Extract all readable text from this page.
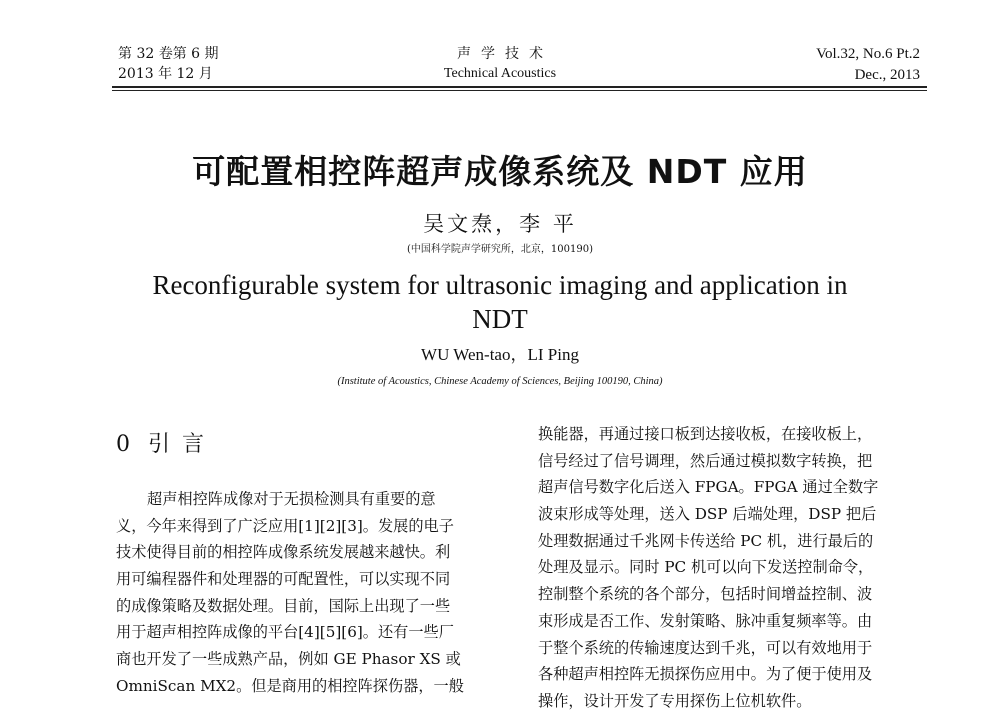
第 32 卷第 6 期
2013 年 12 月
声学技术
Technical Acoustics
Vol.32, No.6 Pt.2
Dec., 2013
可配置相控阵超声成像系统及 NDT 应用
吴文焘，李 平
(中国科学院声学研究所，北京，100190)
Reconfigurable system for ultrasonic imaging and application in NDT
WU Wen-tao，LI Ping
(Institute of Acoustics, Chinese Academy of Sciences, Beijing 100190, China)
0 引言
超声相控阵成像对于无损检测具有重要的意
义，今年来得到了广泛应用[1][2][3]。发展的电子
技术使得目前的相控阵成像系统发展越来越快。利
用可编程器件和处理器的可配置性，可以实现不同
的成像策略及数据处理。目前，国际上出现了一些
用于超声相控阵成像的平台[4][5][6]。还有一些厂
商也开发了一些成熟产品，例如 GE Phasor XS 或
OmniScan MX2。但是商用的相控阵探伤器，一般
换能器，再通过接口板到达接收板，在接收板上，
信号经过了信号调理，然后通过模拟数字转换，把
超声信号数字化后送入 FPGA。FPGA 通过全数字
波束形成等处理，送入 DSP 后端处理，DSP 把后
处理数据通过千兆网卡传送给 PC 机，进行最后的
处理及显示。同时 PC 机可以向下发送控制命令，
控制整个系统的各个部分，包括时间增益控制、波
束形成是否工作、发射策略、脉冲重复频率等。由
于整个系统的传输速度达到千兆，可以有效地用于
各种超声相控阵无损探伤应用中。为了便于使用及
操作，设计开发了专用探伤上位机软件。
